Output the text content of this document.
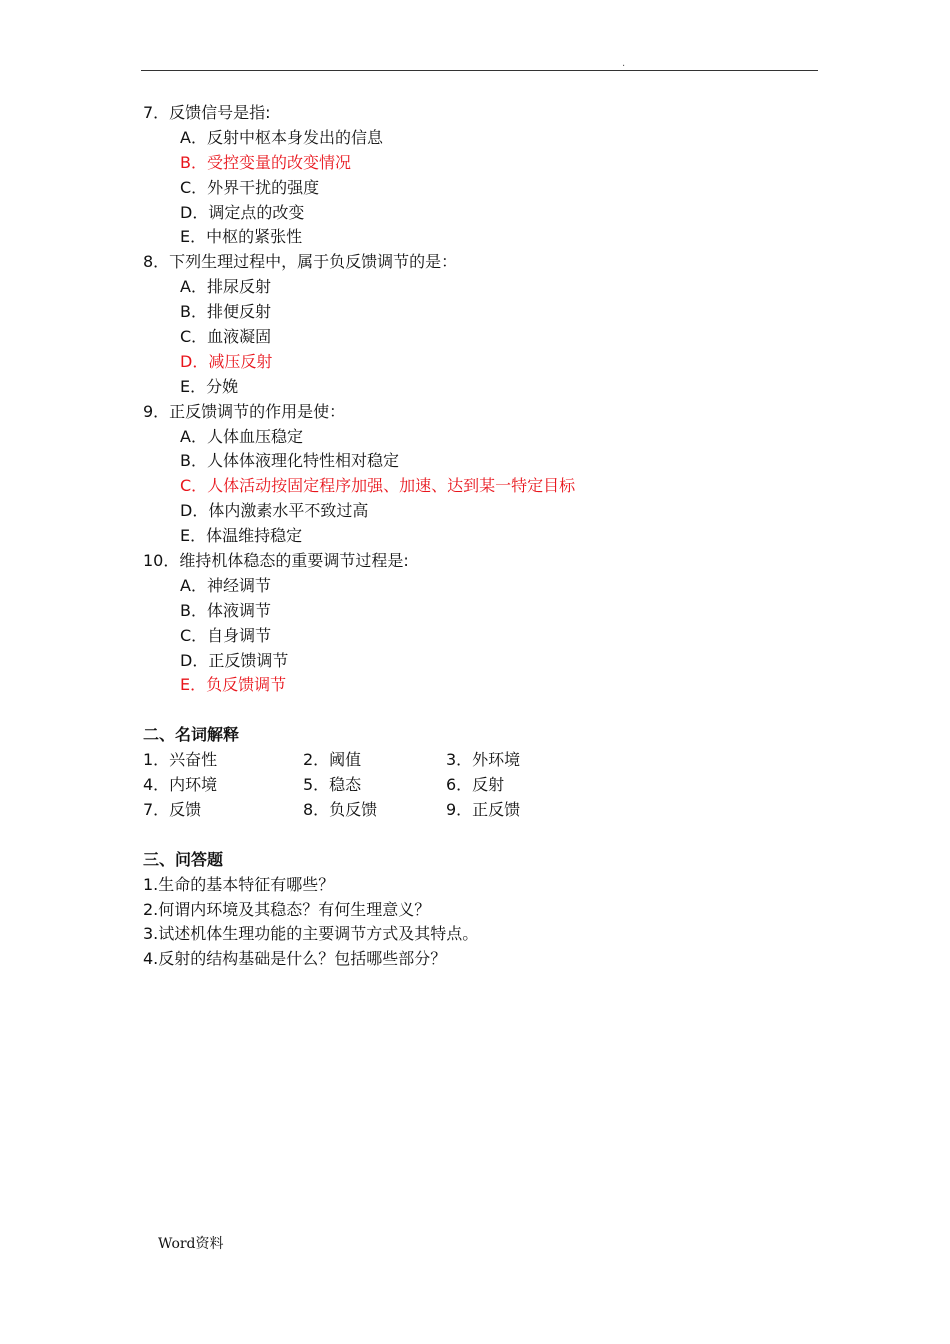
.
7．反馈信号是指:
A．反射中枢本身发出的信息
B．受控变量的改变情况
C．外界干扰的强度
D．调定点的改变
E．中枢的紧张性
8．下列生理过程中，属于负反馈调节的是：
A．排尿反射
B．排便反射
C．血液凝固
D．减压反射
E．分娩
9．正反馈调节的作用是使：
A．人体血压稳定
B．人体体液理化特性相对稳定
C．人体活动按固定程序加强、加速、达到某一特定目标
D．体内激素水平不致过高
E．体温维持稳定
10．维持机体稳态的重要调节过程是:
A．神经调节
B．体液调节
C．自身调节
D．正反馈调节
E．负反馈调节
二、名词解释
1．兴奋性	2．阈值	3．外环境
4．内环境	5．稳态	6．反射
7．反馈	8．负反馈	9．正反馈
三、问答题
1.生命的基本特征有哪些？
2.何谓内环境及其稳态？有何生理意义？
3.试述机体生理功能的主要调节方式及其特点。
4.反射的结构基础是什么？包括哪些部分？
Word资料
